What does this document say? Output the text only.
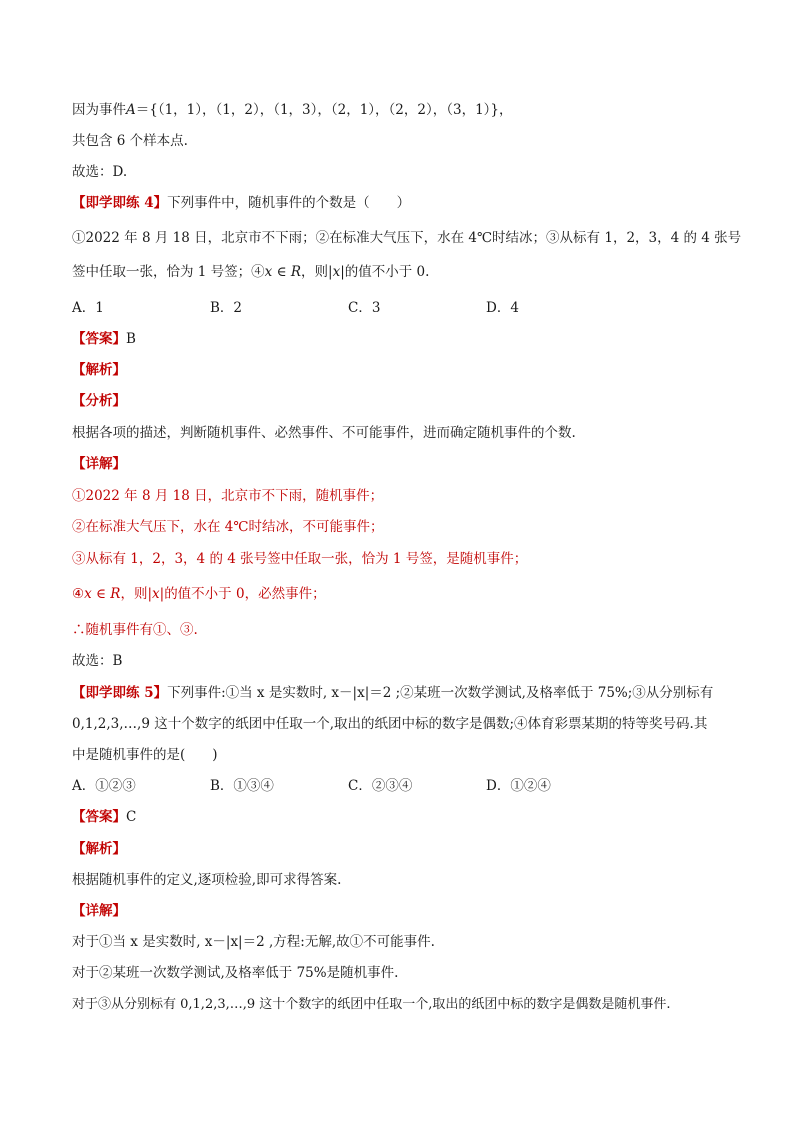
因为事件A＝{（1，1），（1，2），（1，3），（2，1），（2，2），（3，1）}，
共包含 6 个样本点.
故选：D.
【即学即练 4】下列事件中，随机事件的个数是（　　）
①2022 年 8 月 18 日，北京市不下雨；②在标准大气压下，水在 4℃时结冰；③从标有 1，2，3，4 的 4 张号
签中任取一张，恰为 1 号签；④x ∈ R，则|x|的值不小于 0.
A．1	B．2	C．3	D．4
【答案】B
【解析】
【分析】
根据各项的描述，判断随机事件、必然事件、不可能事件，进而确定随机事件的个数.
【详解】
①2022 年 8 月 18 日，北京市不下雨，随机事件；
②在标准大气压下，水在 4℃时结冰，不可能事件；
③从标有 1，2，3，4 的 4 张号签中任取一张，恰为 1 号签，是随机事件；
④x ∈ R，则|x|的值不小于 0，必然事件；
∴随机事件有①、③.
故选：B
【即学即练 5】下列事件:①当 x 是实数时, x－|x|＝2 ;②某班一次数学测试,及格率低于 75%;③从分别标有
0,1,2,3,…,9 这十个数字的纸团中任取一个,取出的纸团中标的数字是偶数;④体育彩票某期的特等奖号码.其
中是随机事件的是(　　)
A．①②③	B．①③④	C．②③④	D．①②④
【答案】C
【解析】
根据随机事件的定义,逐项检验,即可求得答案.
【详解】
对于①当 x 是实数时, x－|x|＝2 ,方程:无解,故①不可能事件.
对于②某班一次数学测试,及格率低于 75%是随机事件.
对于③从分别标有 0,1,2,3,…,9 这十个数字的纸团中任取一个,取出的纸团中标的数字是偶数是随机事件.
